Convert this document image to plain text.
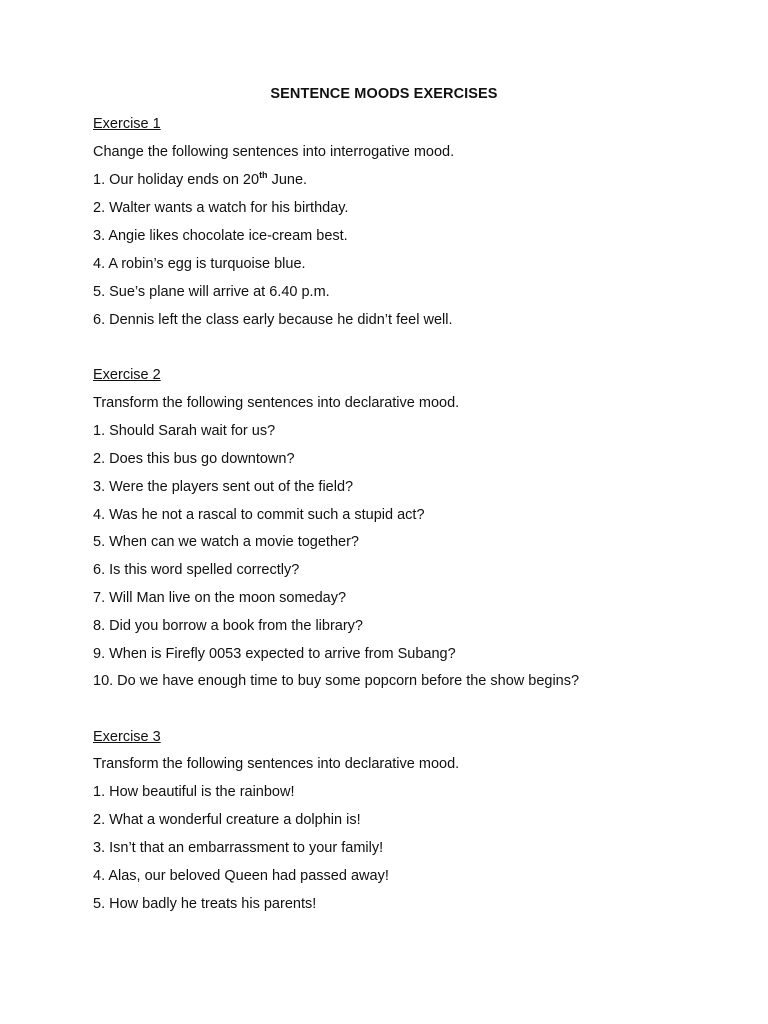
SENTENCE MOODS EXERCISES
Exercise 1
Change the following sentences into interrogative mood.
1. Our holiday ends on 20th June.
2. Walter wants a watch for his birthday.
3. Angie likes chocolate ice-cream best.
4. A robin’s egg is turquoise blue.
5. Sue’s plane will arrive at 6.40 p.m.
6. Dennis left the class early because he didn’t feel well.
Exercise 2
Transform the following sentences into declarative mood.
1. Should Sarah wait for us?
2. Does this bus go downtown?
3. Were the players sent out of the field?
4. Was he not a rascal to commit such a stupid act?
5. When can we watch a movie together?
6. Is this word spelled correctly?
7. Will Man live on the moon someday?
8. Did you borrow a book from the library?
9. When is Firefly 0053 expected to arrive from Subang?
10. Do we have enough time to buy some popcorn before the show begins?
Exercise 3
Transform the following sentences into declarative mood.
1. How beautiful is the rainbow!
2. What a wonderful creature a dolphin is!
3. Isn’t that an embarrassment to your family!
4. Alas, our beloved Queen had passed away!
5. How badly he treats his parents!
